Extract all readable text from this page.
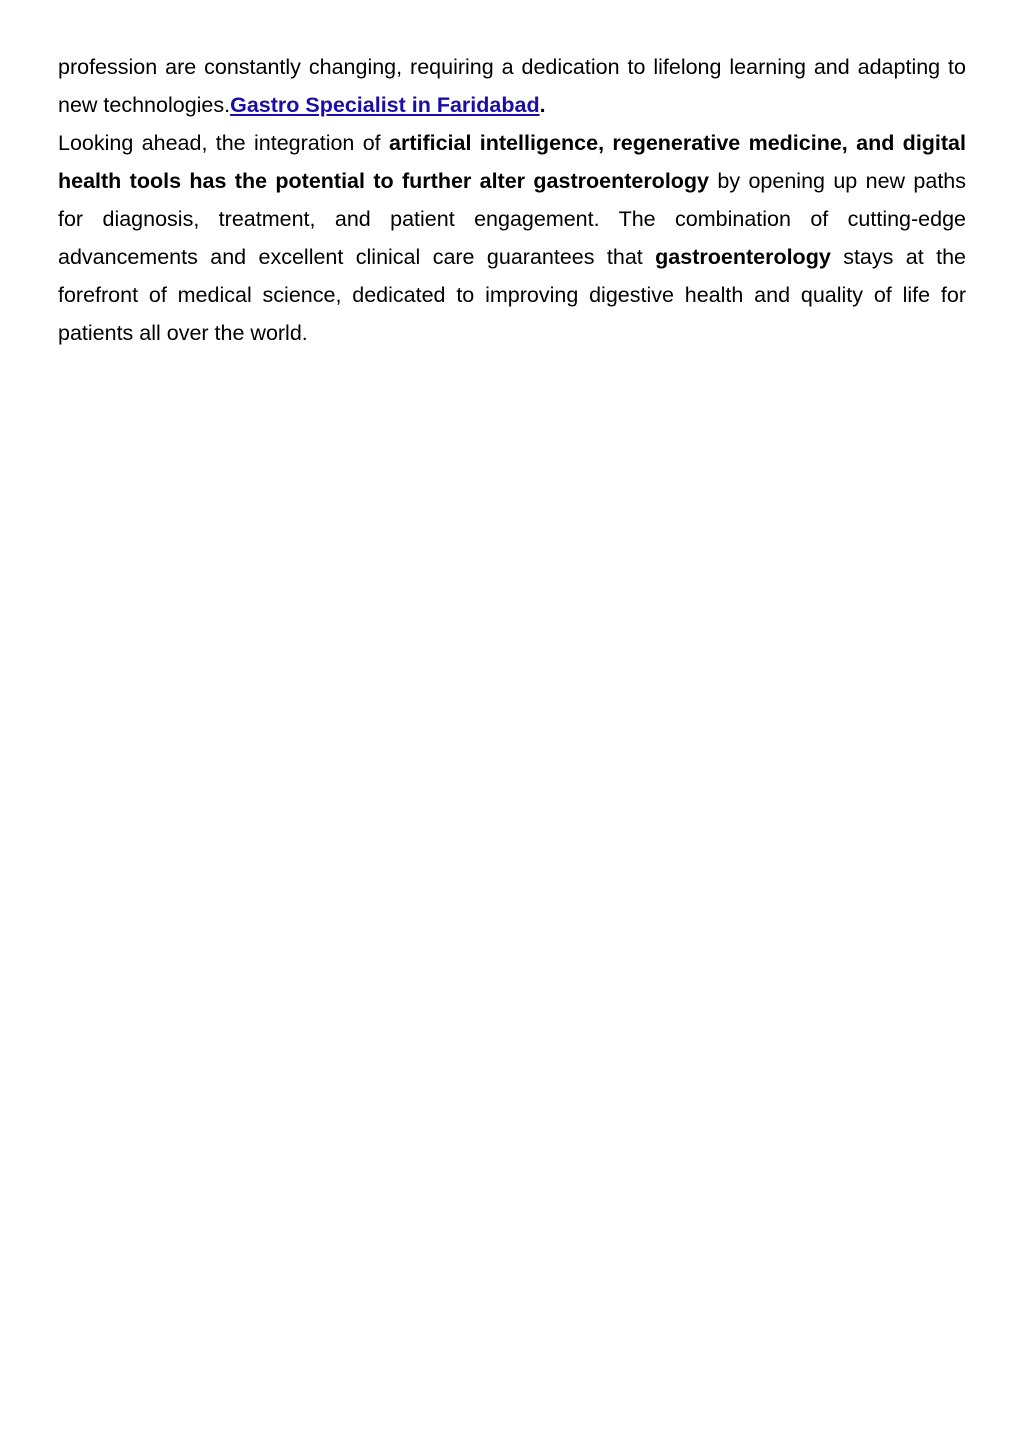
profession are constantly changing, requiring a dedication to lifelong learning and adapting to new technologies.Gastro Specialist in Faridabad.

Looking ahead, the integration of artificial intelligence, regenerative medicine, and digital health tools has the potential to further alter gastroenterology by opening up new paths for diagnosis, treatment, and patient engagement. The combination of cutting-edge advancements and excellent clinical care guarantees that gastroenterology stays at the forefront of medical science, dedicated to improving digestive health and quality of life for patients all over the world.
